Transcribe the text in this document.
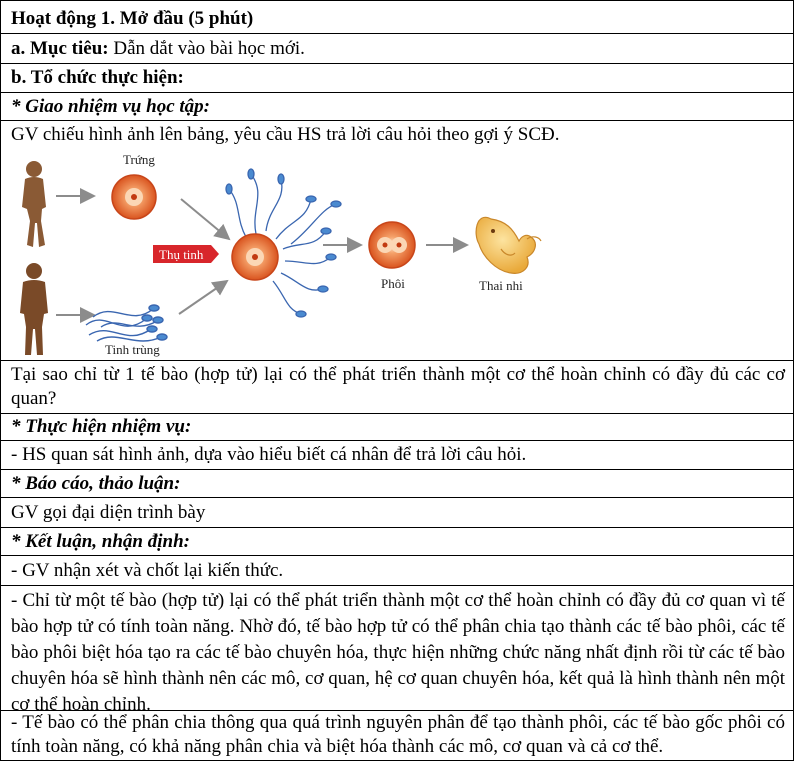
Hoạt động 1. Mở đầu (5 phút)
a. Mục tiêu: Dẫn dắt vào bài học mới.
b. Tổ chức thực hiện:
* Giao nhiệm vụ học tập:
GV chiếu hình ảnh lên bảng, yêu cầu HS trả lời câu hỏi theo gợi ý SCĐ.
Trứng
Tinh trùng
Thụ tinh
Phôi	Thai nhi
Tại sao chỉ từ 1 tế bào (hợp tử) lại có thể phát triển thành một cơ thể hoàn chỉnh có đầy đủ các cơ quan?
* Thực hiện nhiệm vụ:
- HS quan sát hình ảnh, dựa vào hiểu biết cá nhân để trả lời câu hỏi.
* Báo cáo, thảo luận:
GV gọi đại diện trình bày
* Kết luận, nhận định:
- GV nhận xét và chốt lại kiến thức.
- Chỉ từ một tế bào (hợp tử) lại có thể phát triển thành một cơ thể hoàn chỉnh có đầy đủ cơ quan vì tế bào hợp tử có tính toàn năng. Nhờ đó, tế bào hợp tử có thể phân chia tạo thành các tế bào phôi, các tế bào phôi biệt hóa tạo ra các tế bào chuyên hóa, thực hiện những chức năng nhất định rồi từ các tế bào chuyên hóa sẽ hình thành nên các mô, cơ quan, hệ cơ quan chuyên hóa, kết quả là hình thành nên một cơ thể hoàn chỉnh.
- Tế bào có thể phân chia thông qua quá trình nguyên phân để tạo thành phôi, các tế bào gốc phôi có tính toàn năng, có khả năng phân chia và biệt hóa thành các mô, cơ quan và cả cơ thể.
